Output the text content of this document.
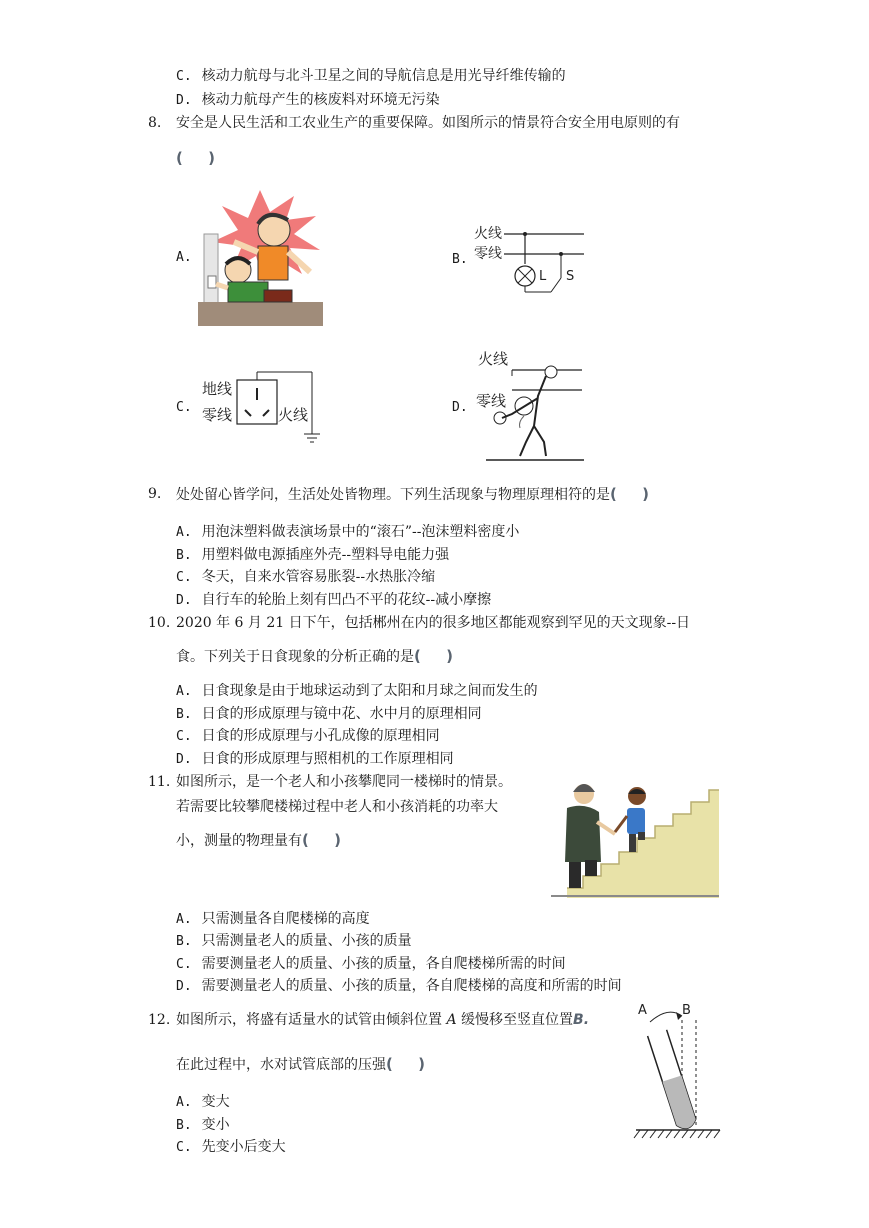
C. 核动力航母与北斗卫星之间的导航信息是用光导纤维传输的
D. 核动力航母产生的核废料对环境无污染
8. 安全是人民生活和工农业生产的重要保障。如图所示的情景符合安全用电原则的有
( )
A.	B.
C.	D.
火线
零线
L S
地线
零线	火线
火线
零线
9. 处处留心皆学问，生活处处皆物理。下列生活现象与物理原理相符的是( )
A. 用泡沫塑料做表演场景中的“滚石”--泡沫塑料密度小
B. 用塑料做电源插座外壳--塑料导电能力强
C. 冬天，自来水管容易胀裂--水热胀冷缩
D. 自行车的轮胎上刻有凹凸不平的花纹--减小摩擦
10. 2020 年 6 月 21 日下午，包括郴州在内的很多地区都能观察到罕见的天文现象--日
食。下列关于日食现象的分析正确的是( )
A. 日食现象是由于地球运动到了太阳和月球之间而发生的
B. 日食的形成原理与镜中花、水中月的原理相同
C. 日食的形成原理与小孔成像的原理相同
D. 日食的形成原理与照相机的工作原理相同
11. 如图所示，是一个老人和小孩攀爬同一楼梯时的情景。
若需要比较攀爬楼梯过程中老人和小孩消耗的功率大
小，测量的物理量有( )
A. 只需测量各自爬楼梯的高度
B. 只需测量老人的质量、小孩的质量
C. 需要测量老人的质量、小孩的质量，各自爬楼梯所需的时间
D. 需要测量老人的质量、小孩的质量，各自爬楼梯的高度和所需的时间
12. 如图所示，将盛有适量水的试管由倾斜位置 A 缓慢移至竖直位置B.
在此过程中，水对试管底部的压强( )
A	B
A. 变大
B. 变小
C. 先变小后变大
